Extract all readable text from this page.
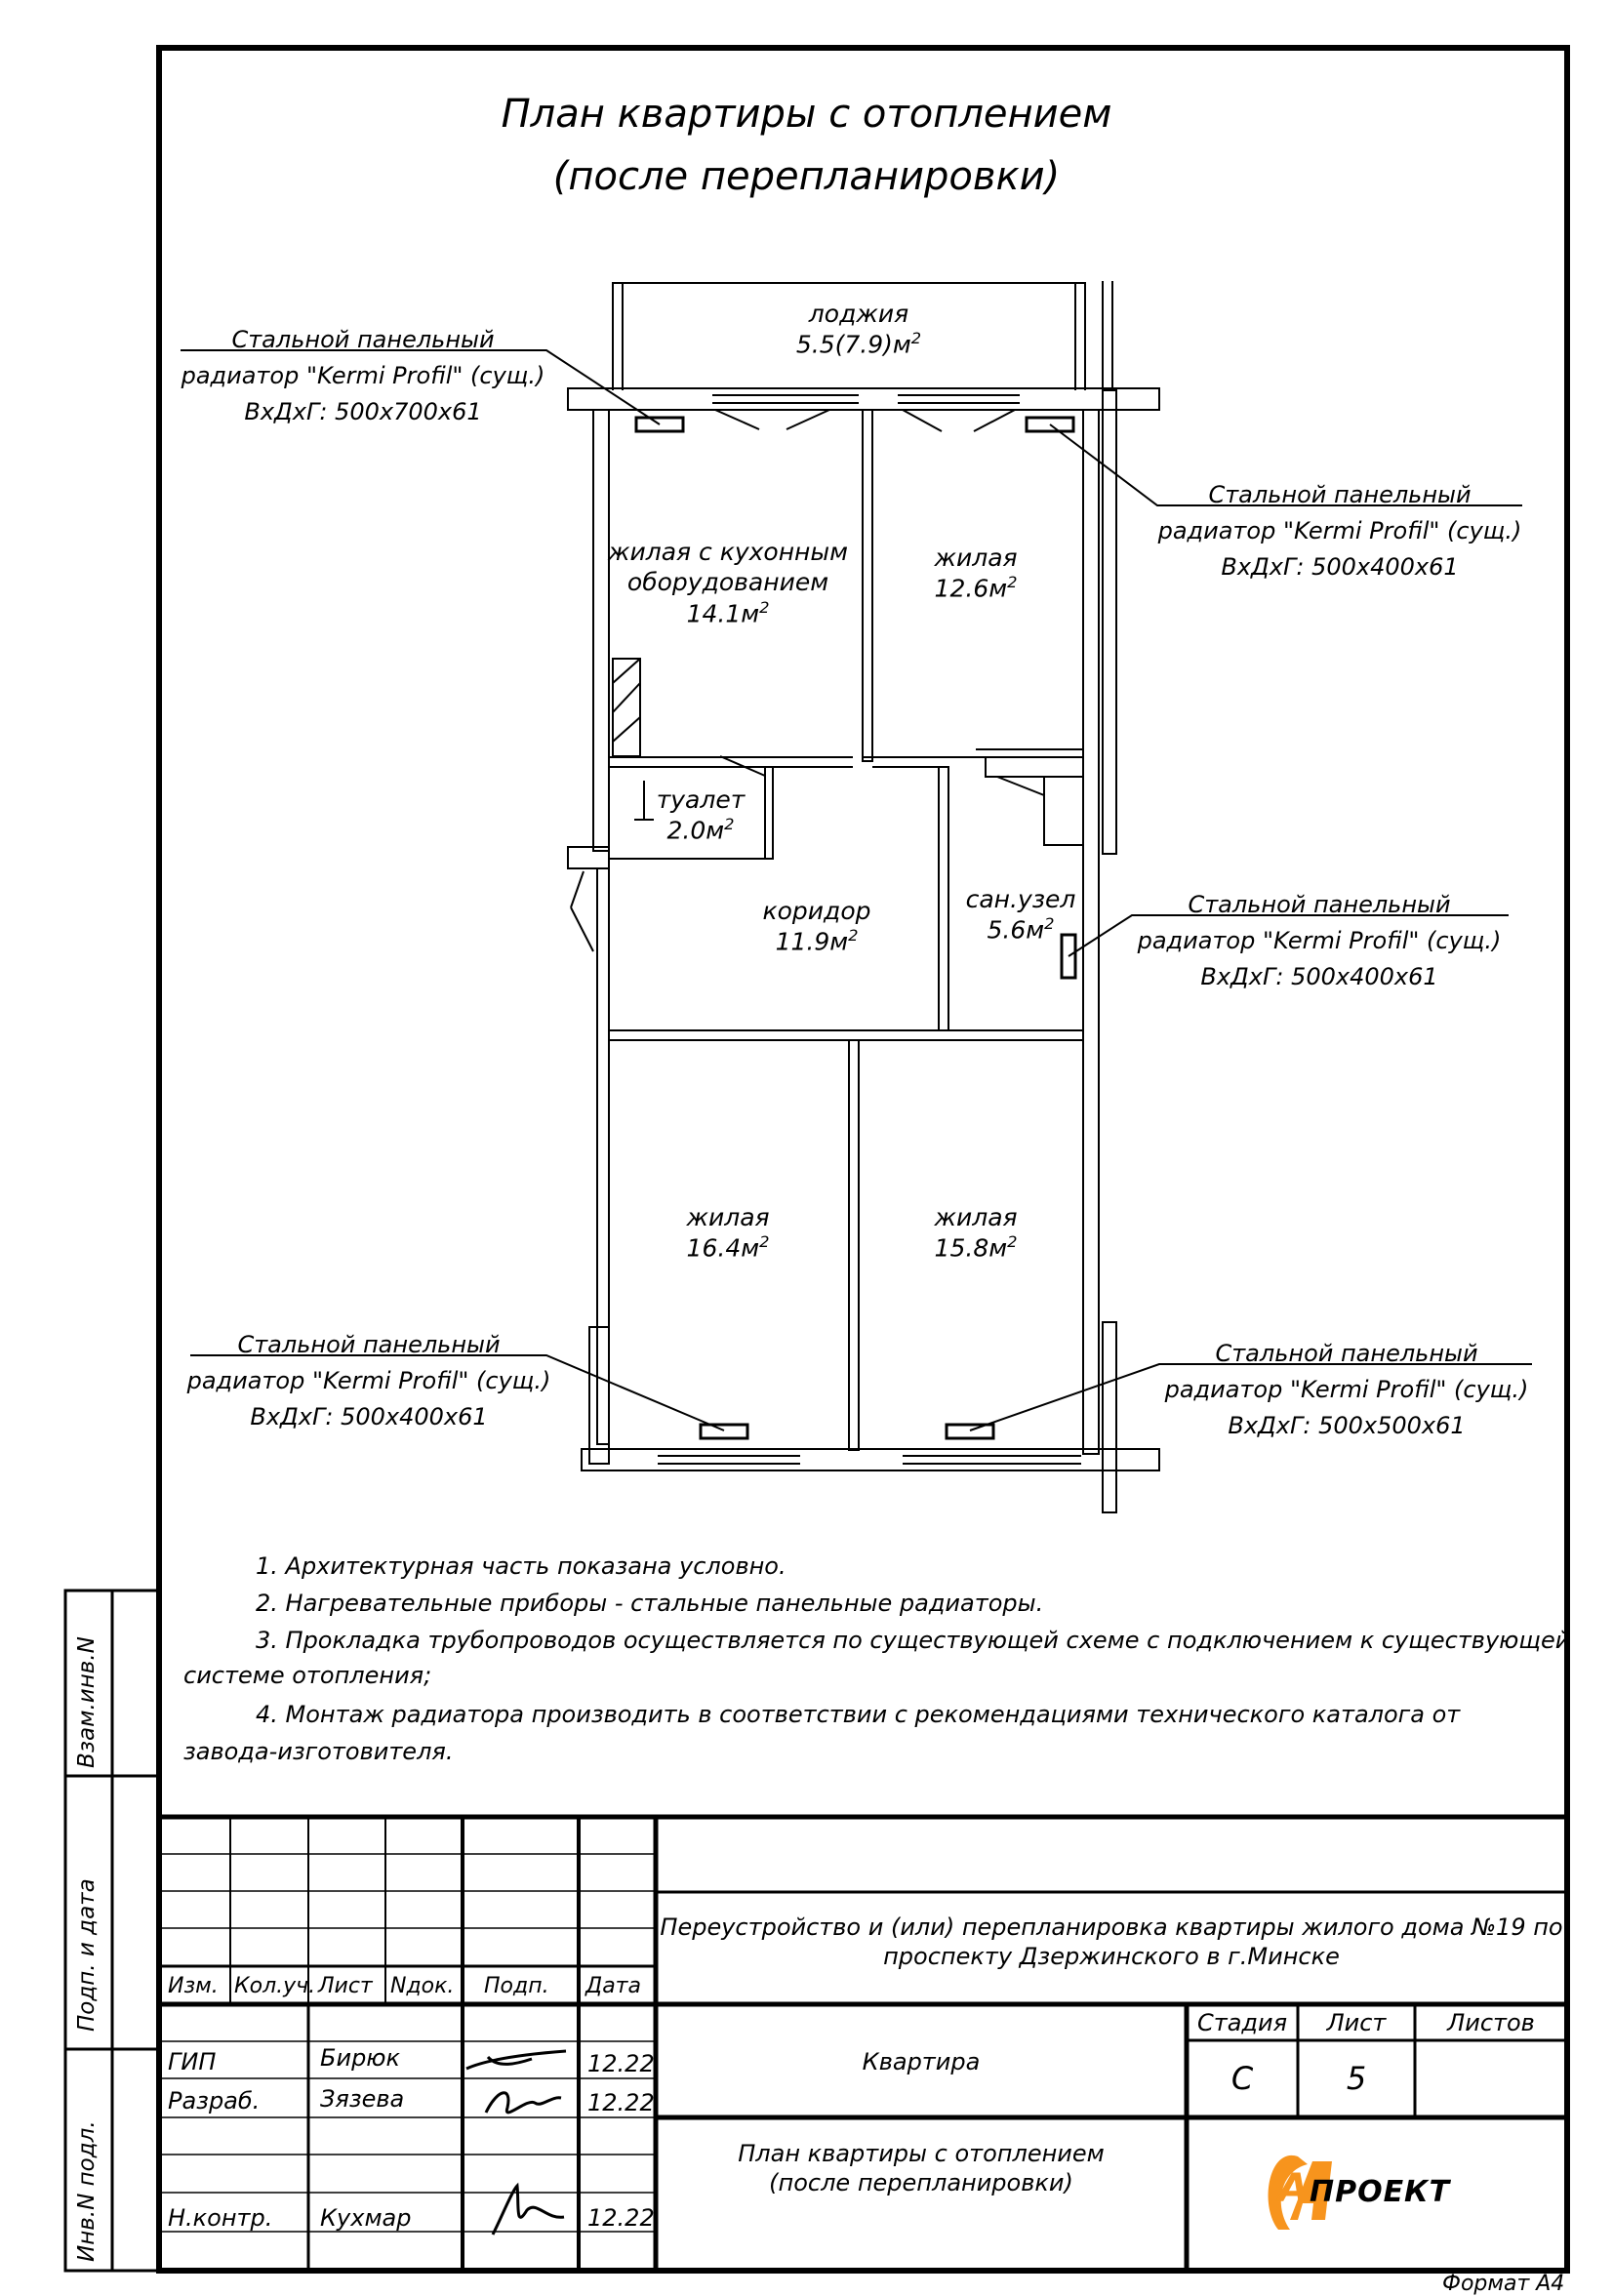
План квартиры с отоплением
(после перепланировки)
лоджия
$5.5(7.9)м^2$
жилая с кухонным
оборудованием
$14.1м^2$
жилая
$12.6м^2$
туалет
$2.0м^2$
коридор
$11.9м^2$
сан.узел
$5.6м^2$
жилая
$16.4м^2$
жилая
$15.8м^2$
Стальной панельный
радиатор "Kermi Profil" (сущ.)
ВхДхГ: 500х700х61
Стальной панельный
радиатор "Kermi Profil" (сущ.)
ВхДхГ: 500х400х61
Стальной панельный
радиатор "Kermi Profil" (сущ.)
ВхДхГ: 500х400х61
Стальной панельный
радиатор "Kermi Profil" (сущ.)
ВхДхГ: 500х400х61
Стальной панельный
радиатор "Kermi Profil" (сущ.)
ВхДхГ: 500х500х61
1. Архитектурная часть показана условно.
2. Нагревательные приборы - стальные панельные радиаторы.
3. Прокладка трубопроводов осуществляется по существующей схеме с подключением к существующей
системе отопления;
4. Монтаж радиатора производить в соответствии с рекомендациями технического каталога от
завода-изготовителя.
Взам.инв.N
Подп. и дата
Инв.N подл.
Изм. Кол.уч. Лист Nдок. Подп. Дата
ГИП	Бирюк	12.22
Разраб.	Зязева	12.22
Н.контр. Кухмар	12.22
Переустройство и (или) перепланировка квартиры жилого дома №19 по
проспекту Дзержинского в г.Минске
Квартира
План квартиры с отоплением
(после перепланировки)
Стадия	Лист	Листов
С	5
АПРОЕКТ
Формат А4
